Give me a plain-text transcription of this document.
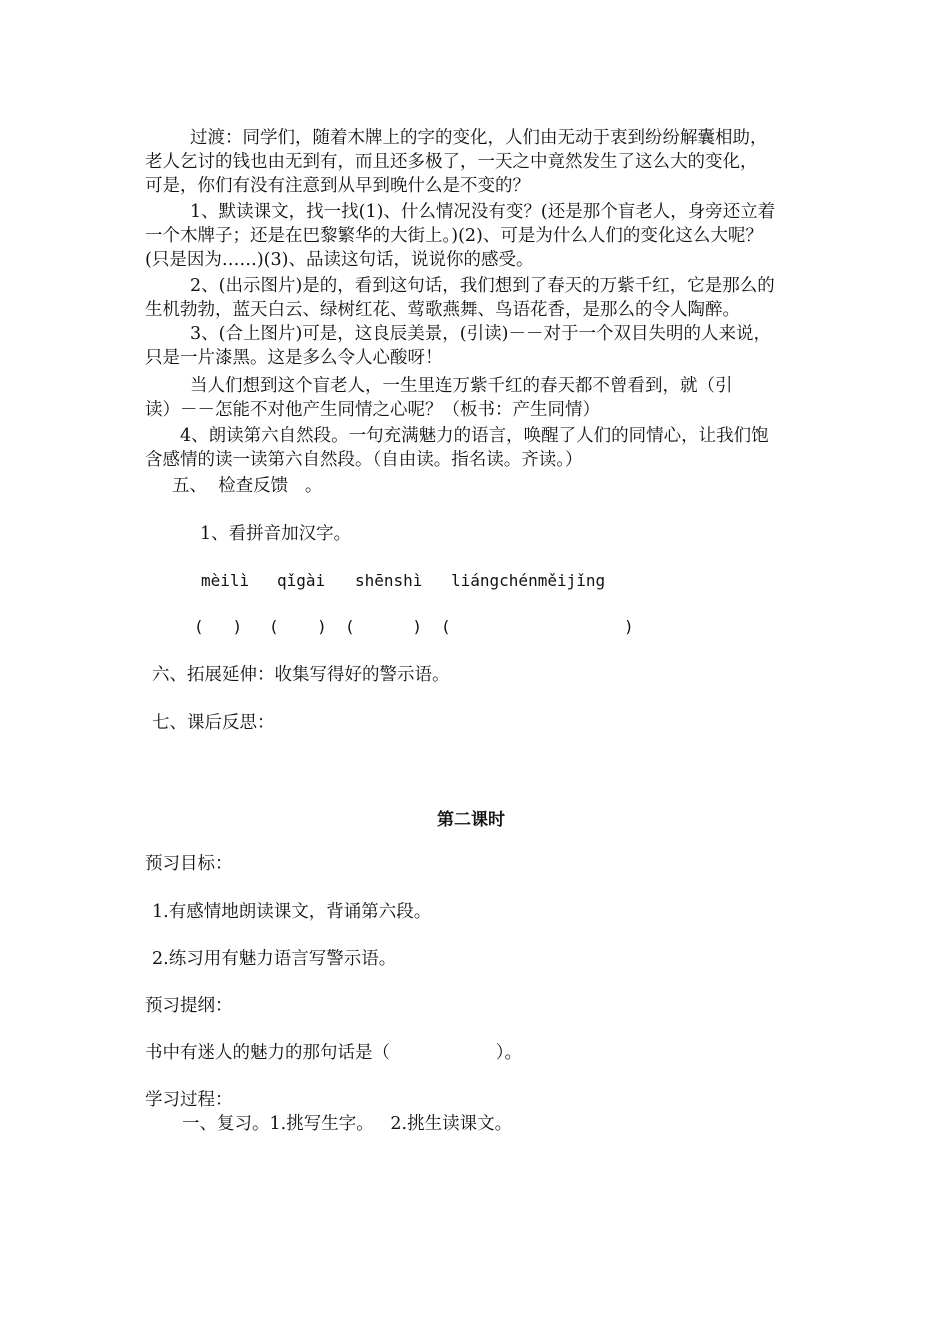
过渡：同学们，随着木牌上的字的变化，人们由无动于衷到纷纷解囊相助，
老人乞讨的钱也由无到有，而且还多极了，一天之中竟然发生了这么大的变化，
可是，你们有没有注意到从早到晚什么是不变的？
1、默读课文，找一找(1)、什么情况没有变？(还是那个盲老人，身旁还立着
一个木牌子；还是在巴黎繁华的大街上。)(2)、可是为什么人们的变化这么大呢？
(只是因为……)(3)、品读这句话，说说你的感受。
2、(出示图片)是的，看到这句话，我们想到了春天的万紫千红，它是那么的
生机勃勃，蓝天白云、绿树红花、莺歌燕舞、鸟语花香，是那么的令人陶醉。
3、(合上图片)可是，这良辰美景，(引读)－－对于一个双目失明的人来说，
只是一片漆黑。这是多么令人心酸呀！
当人们想到这个盲老人，一生里连万紫千红的春天都不曾看到，就（引
读）－－怎能不对他产生同情之心呢？（板书：产生同情）
4、朗读第六自然段。一句充满魅力的语言，唤醒了人们的同情心，让我们饱
含感情的读一读第六自然段。（自由读。指名读。齐读。）
五、  检查反馈   。
1、看拼音加汉字。
mèilì qǐgài shēnshì liángchénměijǐng
(   ) (    ) (      ) (                  )
六、拓展延伸：收集写得好的警示语。
七、课后反思：
第二课时
预习目标：
1.有感情地朗读课文，背诵第六段。
2.练习用有魅力语言写警示语。
预习提纲：
书中有迷人的魅力的那句话是（                   ）。
学习过程：
一、复习。1.挑写生字。   2.挑生读课文。
